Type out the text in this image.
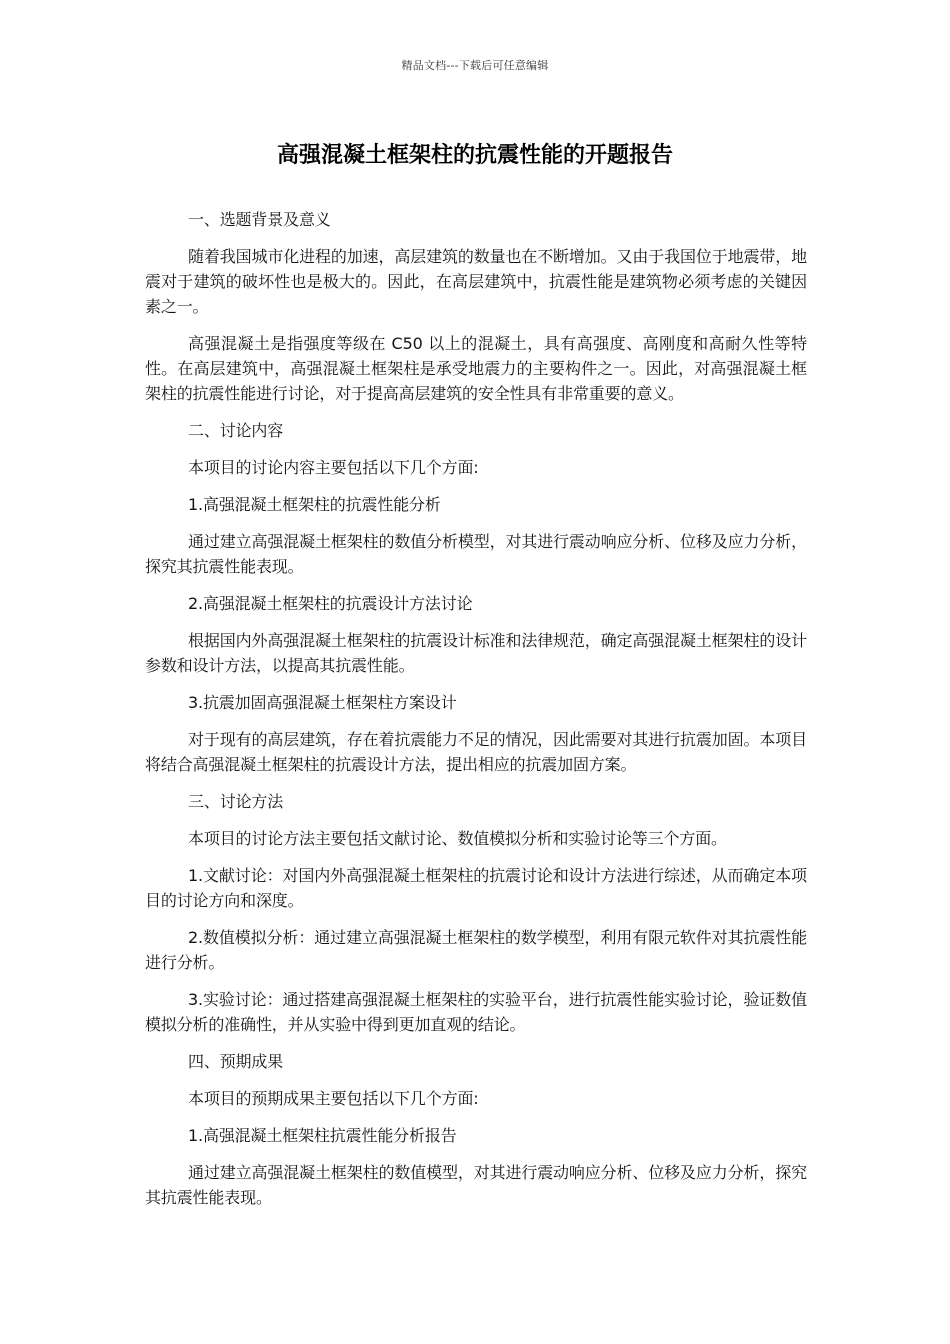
精品文档---下载后可任意编辑
高强混凝土框架柱的抗震性能的开题报告

一、选题背景及意义

随着我国城市化进程的加速，高层建筑的数量也在不断增加。又由于我国位于地震带，地震对于建筑的破坏性也是极大的。因此，在高层建筑中，抗震性能是建筑物必须考虑的关键因素之一。

高强混凝土是指强度等级在 C50 以上的混凝土，具有高强度、高刚度和高耐久性等特性。在高层建筑中，高强混凝土框架柱是承受地震力的主要构件之一。因此，对高强混凝土框架柱的抗震性能进行讨论，对于提高高层建筑的安全性具有非常重要的意义。

二、讨论内容

本项目的讨论内容主要包括以下几个方面:

1.高强混凝土框架柱的抗震性能分析

通过建立高强混凝土框架柱的数值分析模型，对其进行震动响应分析、位移及应力分析，探究其抗震性能表现。

2.高强混凝土框架柱的抗震设计方法讨论

根据国内外高强混凝土框架柱的抗震设计标准和法律规范，确定高强混凝土框架柱的设计参数和设计方法，以提高其抗震性能。

3.抗震加固高强混凝土框架柱方案设计

对于现有的高层建筑，存在着抗震能力不足的情况，因此需要对其进行抗震加固。本项目将结合高强混凝土框架柱的抗震设计方法，提出相应的抗震加固方案。

三、讨论方法

本项目的讨论方法主要包括文献讨论、数值模拟分析和实验讨论等三个方面。

1.文献讨论：对国内外高强混凝土框架柱的抗震讨论和设计方法进行综述，从而确定本项目的讨论方向和深度。

2.数值模拟分析：通过建立高强混凝土框架柱的数学模型，利用有限元软件对其抗震性能进行分析。

3.实验讨论：通过搭建高强混凝土框架柱的实验平台，进行抗震性能实验讨论，验证数值模拟分析的准确性，并从实验中得到更加直观的结论。

四、预期成果

本项目的预期成果主要包括以下几个方面:

1.高强混凝土框架柱抗震性能分析报告

通过建立高强混凝土框架柱的数值模型，对其进行震动响应分析、位移及应力分析，探究其抗震性能表现。
